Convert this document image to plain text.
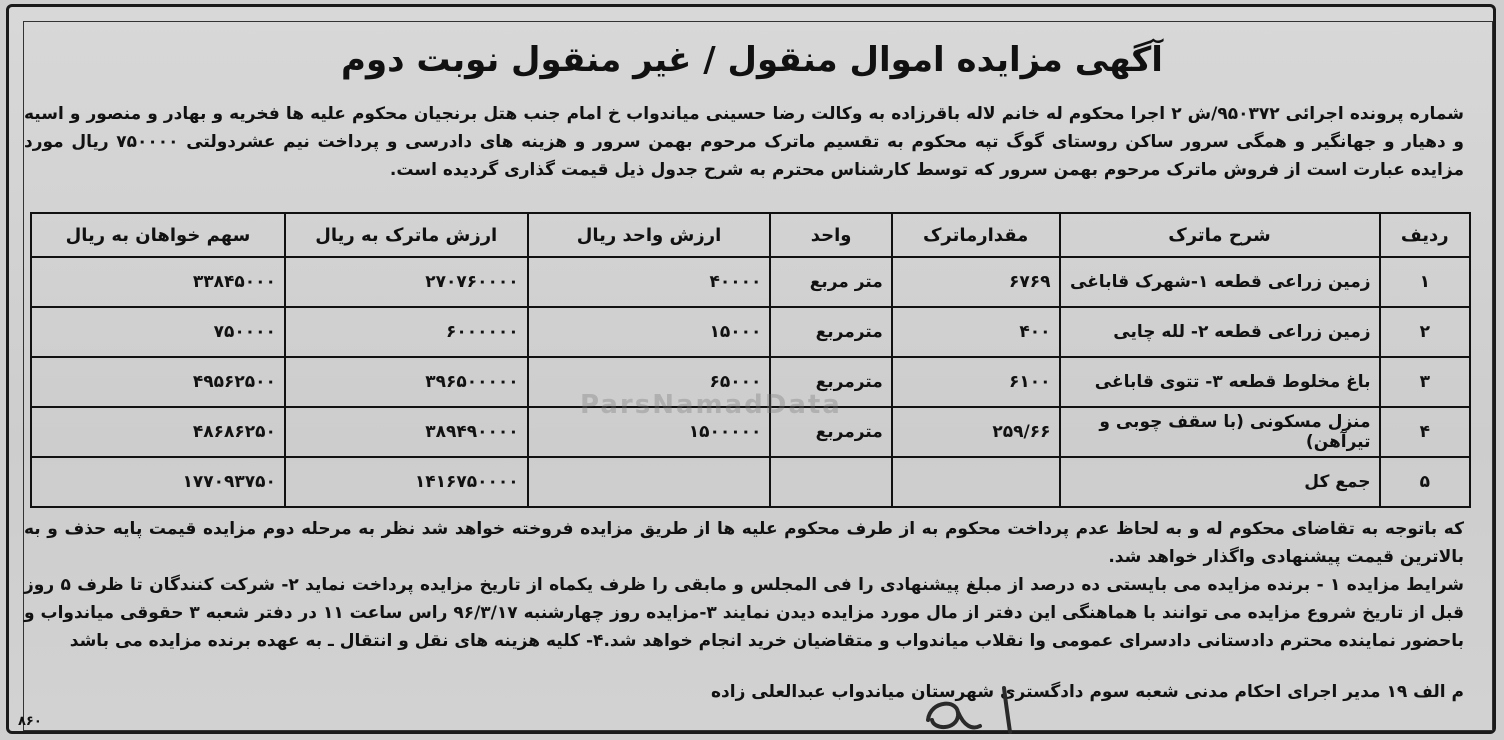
آگهی مزایده اموال منقول / غیر منقول نوبت دوم
شماره پرونده اجرائی ۹۵۰۳۷۲/ش ۲ اجرا محکوم له خانم لاله باقرزاده به وکالت رضا حسینی میاندواب خ امام جنب هتل برنجیان محکوم علیه ها فخریه و بهادر و منصور و اسیه و دهیار و جهانگیر و همگی سرور ساکن روستای گوگ تپه محکوم به تقسیم ماترک مرحوم بهمن سرور و هزینه های دادرسی و پرداخت نیم عشردولتی ۷۵۰۰۰۰ ریال مورد مزایده عبارت است از فروش ماترک مرحوم بهمن سرور که توسط کارشناس محترم به شرح جدول ذیل قیمت گذاری گردیده است.
ردیف	شرح ماترک	مقدارماترک	واحد	ارزش واحد ریال	ارزش ماترک به ریال	سهم خواهان به ریال
۱	زمین زراعی قطعه ۱-شهرک قاباغی	۶۷۶۹	متر مربع	۴۰۰۰۰	۲۷۰۷۶۰۰۰۰	۳۳۸۴۵۰۰۰
۲	زمین زراعی قطعه ۲- لله چایی	۴۰۰	مترمربع	۱۵۰۰۰	۶۰۰۰۰۰۰	۷۵۰۰۰۰
۳	باغ مخلوط قطعه ۳- تتوی قاباغی	۶۱۰۰	مترمربع	۶۵۰۰۰	۳۹۶۵۰۰۰۰۰	۴۹۵۶۲۵۰۰
۴	منزل مسکونی (با سقف چوبی و تیرآهن)	۲۵۹/۶۶	مترمربع	۱۵۰۰۰۰۰	۳۸۹۴۹۰۰۰۰	۴۸۶۸۶۲۵۰
۵	جمع کل				۱۴۱۶۷۵۰۰۰۰	۱۷۷۰۹۳۷۵۰
ParsNamadData
که باتوجه به تقاضای محکوم له و به لحاظ عدم پرداخت محکوم به از طرف محکوم علیه ها از طریق مزایده فروخته خواهد شد نظر به مرحله دوم مزایده قیمت پایه حذف و به بالاترین قیمت پیشنهادی واگذار خواهد شد.
شرایط مزایده ۱ - برنده مزایده می بایستی ده درصد از مبلغ پیشنهادی را فی المجلس و مابقی را ظرف یکماه از تاریخ مزایده پرداخت نماید ۲- شرکت کنندگان تا ظرف ۵ روز قبل از تاریخ شروع مزایده می توانند با هماهنگی این دفتر از مال مورد مزایده دیدن نمایند ۳-مزایده روز چهارشنبه ۹۶/۳/۱۷ راس ساعت ۱۱ در دفتر شعبه ۳ حقوقی میاندواب و باحضور نماینده محترم دادستانی دادسرای عمومی وا نقلاب میاندواب و متقاضیان خرید انجام خواهد شد.۴- کلیه هزینه های نقل و انتقال ـ به عهده برنده مزایده می باشد
م الف ۱۹ مدیر اجرای احکام مدنی شعبه سوم دادگستری شهرستان میاندواب عبدالعلی زاده
۸۶۰
